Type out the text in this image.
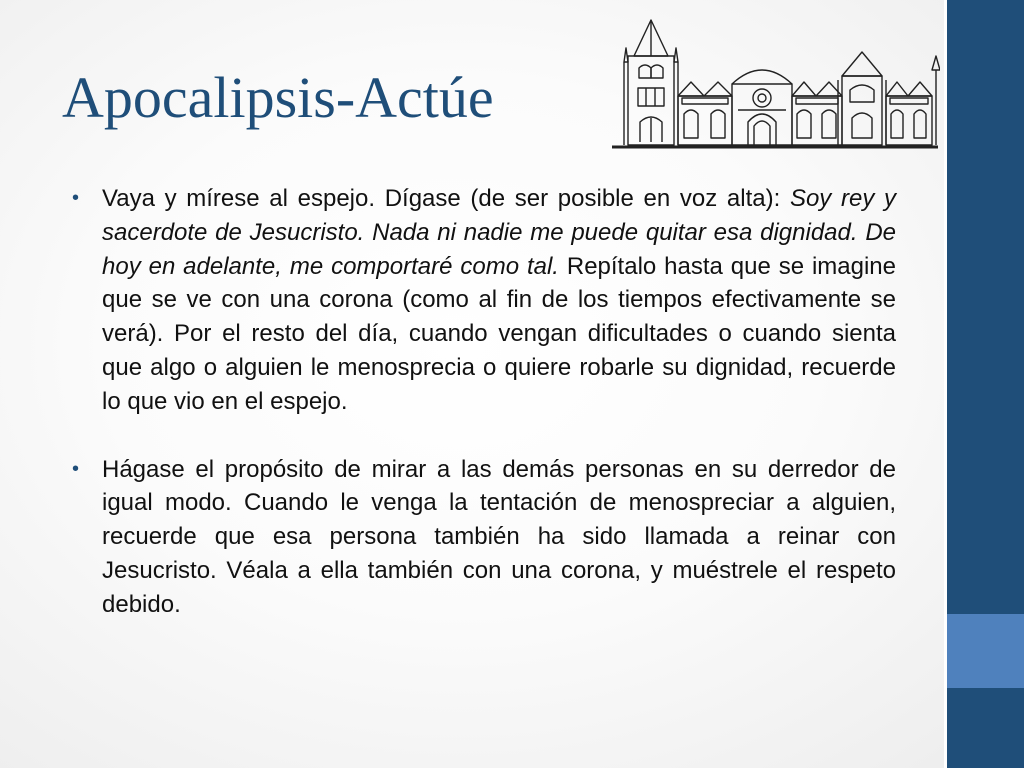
Apocalipsis-Actúe
• Vaya y mírese al espejo. Dígase (de ser posible en voz alta): Soy rey y sacerdote de Jesucristo. Nada ni nadie me puede quitar esa dignidad. De hoy en adelante, me comportaré como tal. Repítalo hasta que se imagine que se ve con una corona (como al fin de los tiempos efectivamente se verá). Por el resto del día, cuando vengan dificultades o cuando sienta que algo o alguien le menosprecia o quiere robarle su dignidad, recuerde lo que vio en el espejo.
• Hágase el propósito de mirar a las demás personas en su derredor de igual modo. Cuando le venga la tentación de menospreciar a alguien, recuerde que esa persona también ha sido llamada a reinar con Jesucristo. Véala a ella también con una corona, y muéstrele el respeto debido.
